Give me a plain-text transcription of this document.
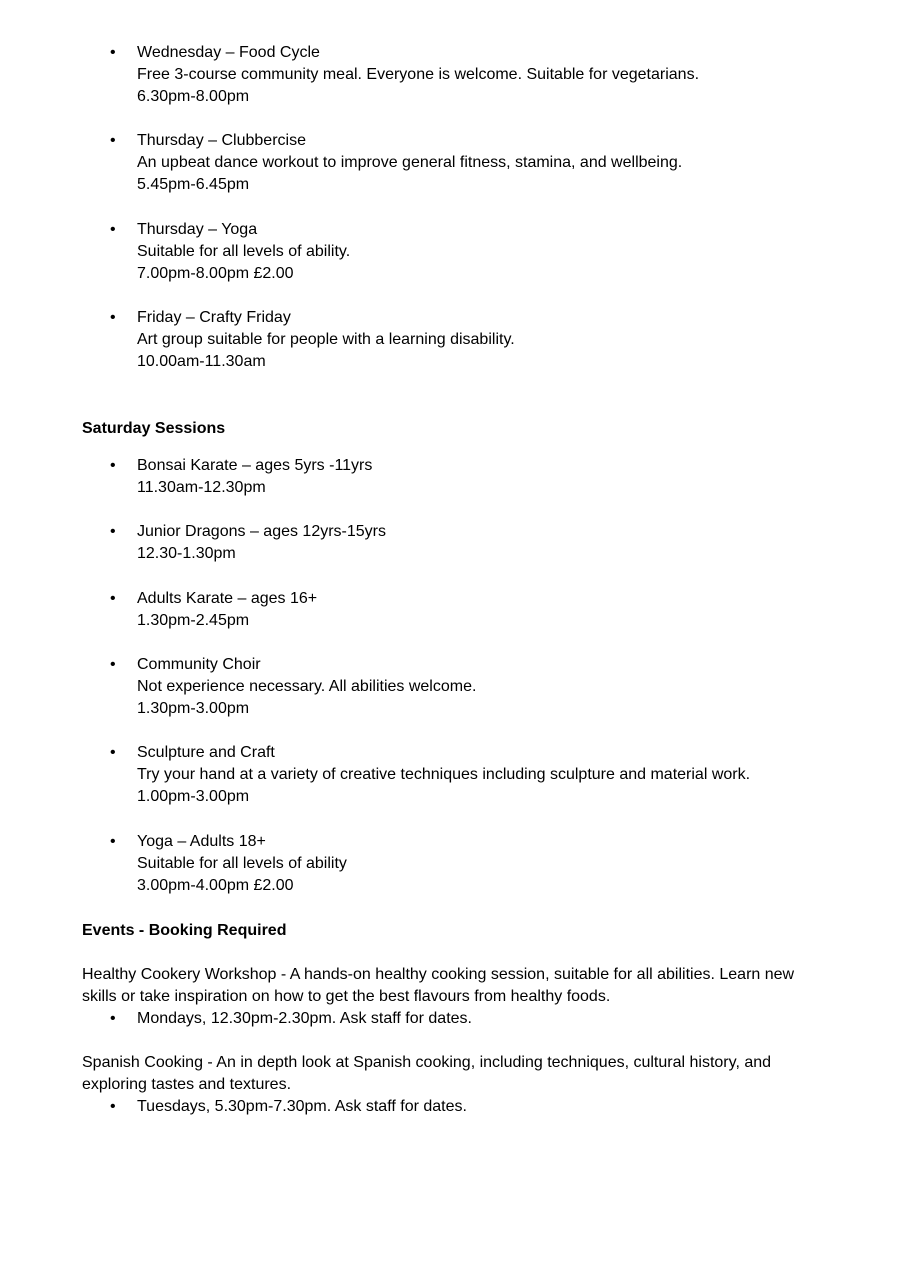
•	Wednesday – Food Cycle
Free 3-course community meal. Everyone is welcome. Suitable for vegetarians.
6.30pm-8.00pm
•	Thursday – Clubbercise
An upbeat dance workout to improve general fitness, stamina, and wellbeing.
5.45pm-6.45pm
•	Thursday – Yoga
Suitable for all levels of ability.
7.00pm-8.00pm £2.00
•	Friday – Crafty Friday
Art group suitable for people with a learning disability.
10.00am-11.30am
Saturday Sessions
•	Bonsai Karate – ages 5yrs -11yrs
11.30am-12.30pm
•	Junior Dragons – ages 12yrs-15yrs
12.30-1.30pm
•	Adults Karate – ages 16+
1.30pm-2.45pm
•	Community Choir
Not experience necessary. All abilities welcome.
1.30pm-3.00pm
•	Sculpture and Craft
Try your hand at a variety of creative techniques including sculpture and material work.
1.00pm-3.00pm
•	Yoga – Adults 18+
Suitable for all levels of ability
3.00pm-4.00pm £2.00
Events - Booking Required
Healthy Cookery Workshop - A hands-on healthy cooking session, suitable for all abilities. Learn new skills or take inspiration on how to get the best flavours from healthy foods.
•	Mondays, 12.30pm-2.30pm. Ask staff for dates.
Spanish Cooking - An in depth look at Spanish cooking, including techniques, cultural history, and exploring tastes and textures.
•	Tuesdays, 5.30pm-7.30pm. Ask staff for dates.
